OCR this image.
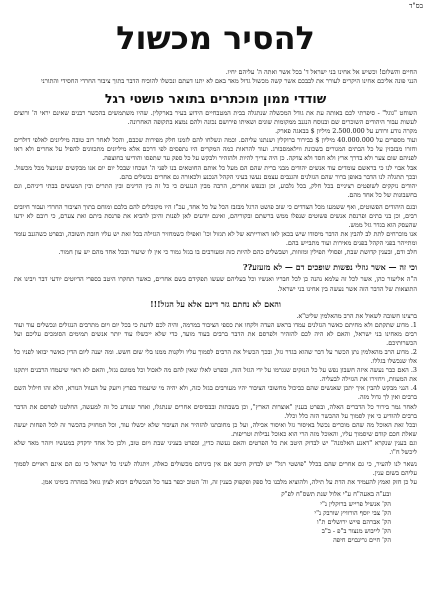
בס"ד
להסיר מכשול

החיים והשלום! וכשיש אל אחינו בני ישראל ד' בכל אשר ואתה ה' עליהם יחיו.

הנני פונה אליכם אחינו היקרים לעורר את לבבכם אשר קשה מכשול גדול מאד באם לא יתנו דעתם ונכשלו להוכיח הדבר בתוך ציבור החרדי החסידי והתורני

שודדי ממון מוכתרים בתואר פושטי רגל

השוחט "גוגל" - סיפרתי לכם באותה עת את גודל המכשלה שנתגלה בבית המטבחיים הידוע בעיר בארקלין. שהיו משתמשים בהכשר רבנים שאינם יראי ה' ורוצים לעשות עבור היהודים השוכרים שם ובנוסח הנגנב ממקומות שונים ושאיתו פירושם נכונה ולהם נמצא בתקופה האחרונה.

מקרה נודע ורודע על 2.500.000 מיליון $ בבאגה פארק.

ועוד מספרים על 40.000.000 מיליון $ בבירור ברוקלין ושנתנו עליהם. וכמה ונשלחו להם לזמנו חלק מפירות שכבם, והכל לאחר רוב טובה מיליונים לאלפי דולרים וחזרו מבזבזין על כל הבתים המגורים בשכונת ווילאמסבורג. ועוד להראות כמה המקרים היו נתפסים לפי דרכם אלא מיליונים מתכוונים להפיל על אחרים ולא ראו לפניהם שום צער ולא בדרך ארץ ולא חסד ולא צדקה. כן היה צריך להיות ולהזהיר ולבקש על כל ספק עד שתפסו והודיעו בחוצפה.

אבל אבוי לנו כי בראשם עומדים עוד אנשים יהודים מבני ברית שהם הם מעל כל אותם החוטאים בנו לפני ה' ושכחו שבכל יום יום אנו מבקשים שנינצל מכל מכשול. ובכך תתגלה לנו הדבר באופן ברור שהם הגזלנים והגנבים עצמם נעשו בעיני הקהל הנכנע ולכאורה גם אחרים נכשלים בהם.

יהודים נוקקים לשופטים רציניים בכל חלק, בכל גלבוע, וכן ובנפש אחרים, הרבה מבין הנגעים כי כל זה בין הדינים ובין התרים ובין המעשים בבתי דיניהם, וגם בחשבונות של כל אחד מהם.

ובגם היהודים הפשוטים, ואף ששמעו מכל הצדדים כי שוב פושט הרגל מבזבז הכל על כל אחד, עכ"ז היו מקובלים להם בלבם ומוחם בתוך הציבור החרדי ועבור חיובים רבים, וכן בני בתים ופרנסת אנשים פשוטים שנפלו ממש ברשתם ובקוריהם, ואינם יודעים לאן לפנות והיכן להביא את פרנסת ביתם ואת צערם, כי רובם לא ידעו שהעסק הוא בגדר גזל ממש.

אנו מוכרחים לתת לב להבין את הדבר מיסודו שיש בכאן לאו דאורייתא של לא תגזול וכו' ואפילו כשמחזיר הגזילה בכל זאת יש עליו חובת תשובה, ובפרט כשהגנב עומד ומתייהר בפני הקהל בפנים מאירות ועוד מתבייש בהם.

חלב ודם, ובענין קדושת שבת, ופסולי תפילין ומזוזות, ושבשלים כהם להיות כזה ומעורבים בו בגזל גמור כי אין לו שיעור ובכל אחד מהם יש עון חמור.

וכי זה — אשר גוזלי נפשות שופכים דם — לא מזעזע??

ה"ה אליעזר כהן, אשר לכל זה עלמא נהנה כן לכל חבריו ואנשיו וכל בעליהם שעשו תפקידם בשם אחרים, כאשר תחקרו היטב בספרי הדיוטים יודעי דבר ויבינו את התוצאות של הדבר הזה אשר נעשה בין אחינו בני ישראל.

והאם לא נחתם גזר דינם אלא על הגזל!!!

ברצינו חשובה לשאול את הרב מהאלמין שליט"א.

1. מדוע שתקתם ולא מחיתם כאשר הגזלנים עמדו בראש העדה ולקחו את כספי הציבור במרמה, והיה לכם לדעת כי בכל יום ויום מתרבים הנגזלים ונכשלים עוד ועוד רבים מאחינו בני ישראל, והאם לא היה לכם להזהיר ולפרסם את הדבר ברבים בעוד מועד, כדי שלא ייכשלו עוד יותר אנשים תמימים הסומכים עליכם ועל הכשרותיכם.

2. מדוע הרב מהאלמין נתן הכשר על דבר שהוא בגדר גזל, ובכך הכשיל את הרבים לסמוך עליו ולקנות ממנו בלי שום חשש. ומה יענה ליום הדין כאשר יבואו לפניו כל אלו שנכשלו בגללו.

3. האם כבר נעשה איזה חשבון נפש על כל הנזקים שנגרמו על ידי הגזל הזה, ובפרט לאלו שאין להם מה לאכול וכל ממונם נגזל, והאם לא ראוי שיעמדו הרבנים ויתקנו את המעוות, ויחזירו את הגזילה לבעליה.

4. הנני מבקש להבין איך יתכן שאנשים שהם כביכול מחשובי הציבור יהיו מעורבים בגזל כזה, ולא יהיה מי שיעמוד בפרץ ויזעק על העוול הנורא, הלא זהו חילול השם ברבים ואין לך גדול מזה.

לאחר גמר בירור כל הדברים האלה, ובפרט בענין "אוצרות הארץ", וכן בשבתות ובבסיסים אחרים שנתגלו, ואחר שנודע כל זה למעשה, החלטנו לפרסם את הדבר ברבים להודיע כי אין לסמוך על ההכשר הזה כלל וכלל.

ובכל זאת האוכל מה שהם מוכרים נכשל באיסור גזל ואיסור אכילה, ועל כן מחובתנו להזהיר את הציבור שלא יכשלו עוד, וכל המחזיק בהכשר זה לכל הפחות יעשה שאלת חכם קודם שיסמוך עליו, והאוכל מזה הרי הוא כאוכל נבילות וטריפות.

וגם בענין שנקרא "דאנע האלמנה" יש לבדוק היטב את כל הפרטים והאם נעשה כדין, ובפרט בעניני שבת ויום טוב, ולכן כל אחד ידקדק במעשיו ויזהר מאד שלא ליכשל ח"ו.

נשאר לנו להעיר, כי גם אחרים שהם בכלל "פושטי רגל" יש לבדוק היטב אם אין ביניהם מכשולים כאלה, ויתגלה לעיני כל ישראל כי גם הם אינם ראויים לסמוך עליהם בשום ענין.

על כן חזק ואמץ להעמיד את הדת על תילה, ולהוציא מלבנו כל ספק ופקפוק בענין זה, וה' הטוב יכפר בעד כל הנכשלים ויבוא לציון גואל במהרה בימינו אמן.

ובע"ה באעה"ח ע"י אלול שנת תשס"ח לפ"ק
הק' אנשיל פרייש ברוקלין נ"י
הק' צבי יוסף הורוויץ שורבק נ"י
הק' אברהם פייש ירושלים ת"ו
הק' לייבוש מנצור ב"פ - ב"ב
הק' חיים גרינבוים חיפה
